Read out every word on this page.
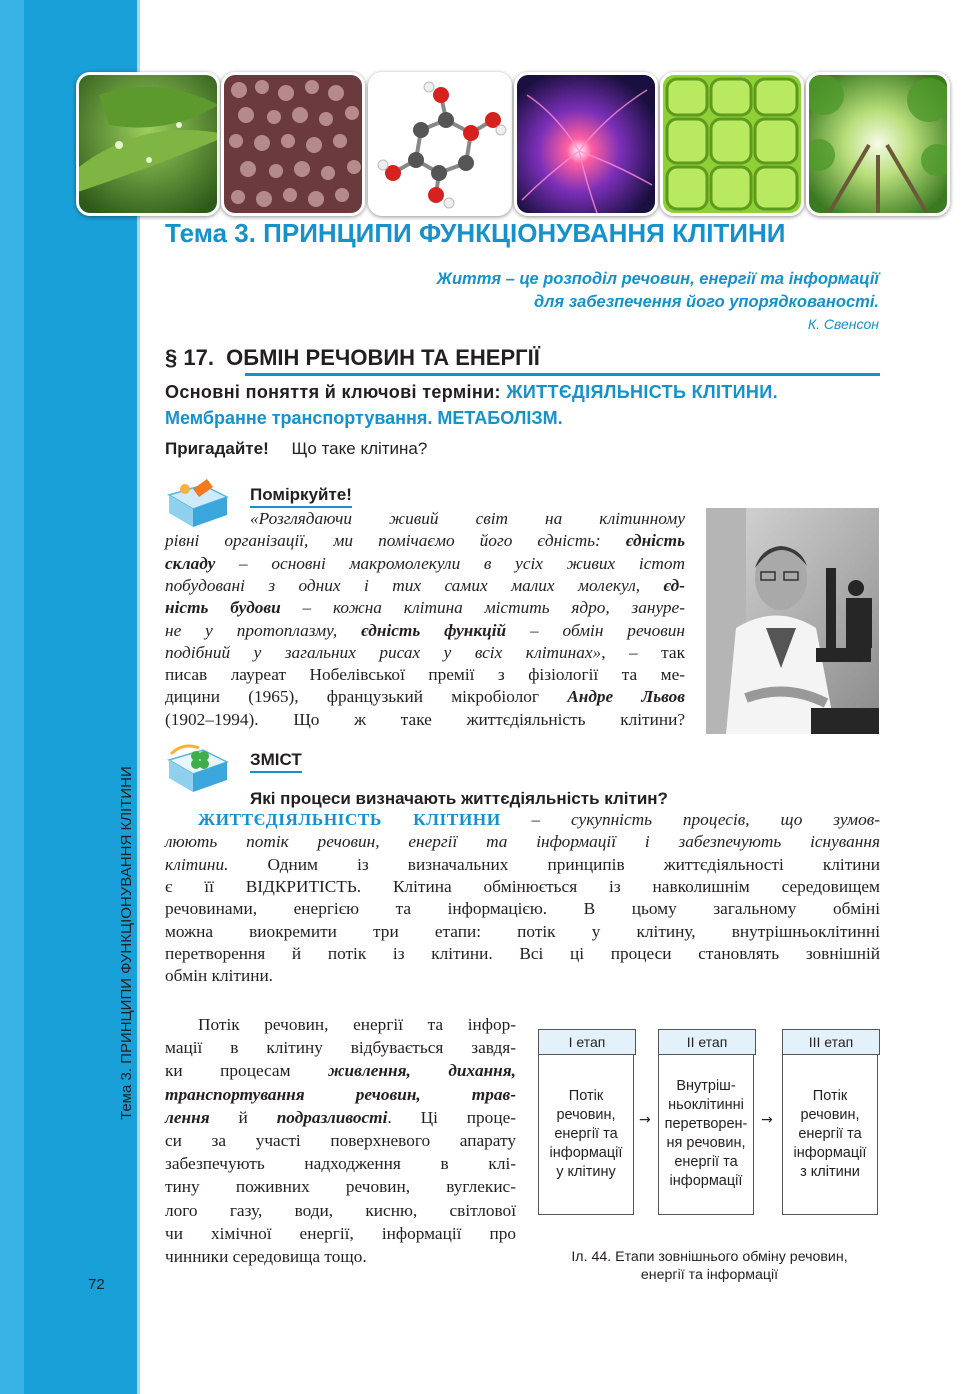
Тема 3. ПРИНЦИПИ ФУНКЦІОНУВАННЯ КЛІТИНИ
72
Тема 3. ПРИНЦИПИ ФУНКЦІОНУВАННЯ КЛІТИНИ
Життя – це розподіл речовин, енергії та інформації
для забезпечення його упорядкованості.
К. Свенсон
§ 17. ОБМІН РЕЧОВИН ТА ЕНЕРГІЇ
Основні поняття й ключові терміни: ЖИТТЄДІЯЛЬНІСТЬ КЛІТИНИ.
Мембранне транспортування. МЕТАБОЛІЗМ.
Пригадайте! Що таке клітина?
Поміркуйте!
«Розглядаючи живий світ на клітинному
рівні організації, ми помічаємо його єдність: єдність
складу – основні макромолекули в усіх живих істот
побудовані з одних і тих самих малих молекул, єд-
ність будови – кожна клітина містить ядро, занурe-
не у протоплазму, єдність функцій – обмін речовин
подібний у загальних рисах у всіх клітинах», – так
писав лауреат Нобелівської премії з фізіології та ме-
дицини (1965), французький мікробіолог Андре Львов
(1902–1994). Що ж таке життєдіяльність клітини?
ЗМІСТ
Які процеси визначають життєдіяльність клітин?
ЖИТТЄДІЯЛЬНІСТЬ КЛІТИНИ – сукупність процесів, що зумов-
люють потік речовин, енергії та інформації і забезпечують існування
клітини. Одним із визначальних принципів життєдіяльності клітини
є її ВІДКРИТІСТЬ. Клітина обмінюється із навколишнім середовищем
речовинами, енергією та інформацією. В цьому загальному обміні
можна виокремити три етапи: потік у клітину, внутрішньоклітинні
перетворення й потік із клітини. Всі ці процеси становлять зовнішній
обмін клітини.
Потік речовин, енергії та інфор-
мації в клітину відбувається завдя-
ки процесам живлення, дихання,
транспортування речовин, трав-
лення й подразливості. Ці проце-
си за участі поверхневого апарату
забезпечують надходження в клі-
тину поживних речовин, вуглекис-
лого газу, води, кисню, світлової
чи хімічної енергії, інформації про
чинники середовища тощо.
I етап
Потік
речовин,
енергії та
інформації
у клітину
→
II етап
Внутріш-
ньоклітинні
перетворен-
ня речовин,
енергії та
інформації
→
III етап
Потік
речовин,
енергії та
інформації
з клітини
Іл. 44. Етапи зовнішнього обміну речовин,
енергії та інформації
